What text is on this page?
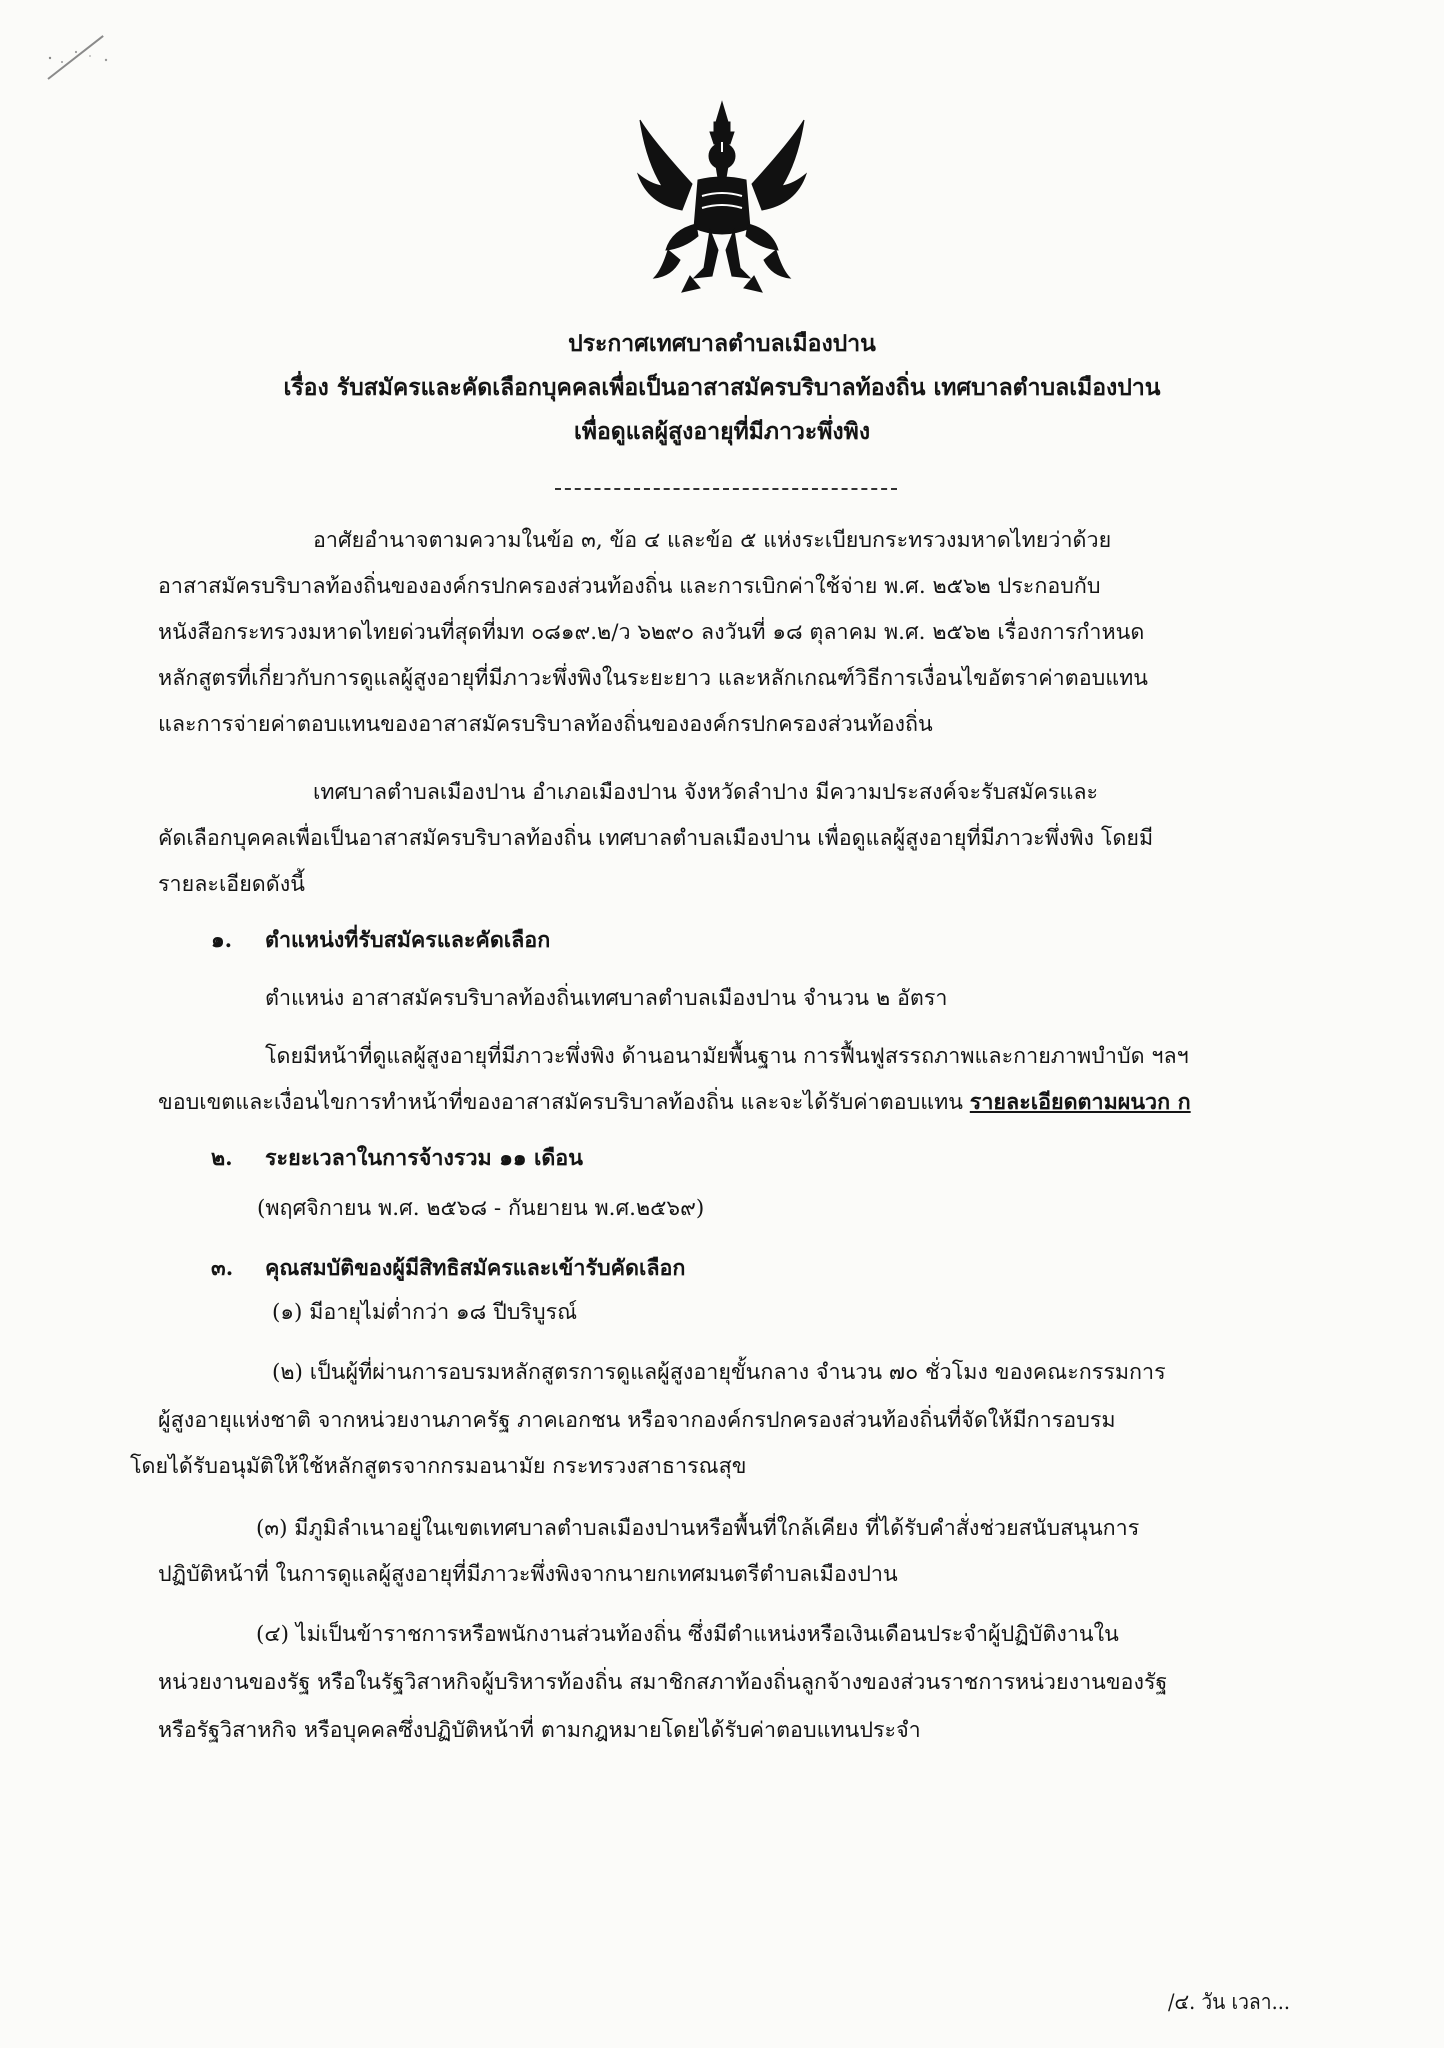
ประกาศเทศบาลตำบลเมืองปาน
เรื่อง รับสมัครและคัดเลือกบุคคลเพื่อเป็นอาสาสมัครบริบาลท้องถิ่น เทศบาลตำบลเมืองปาน
เพื่อดูแลผู้สูงอายุที่มีภาวะพึ่งพิง
อาศัยอำนาจตามความในข้อ ๓, ข้อ ๔ และข้อ ๕ แห่งระเบียบกระทรวงมหาดไทยว่าด้วย
อาสาสมัครบริบาลท้องถิ่นขององค์กรปกครองส่วนท้องถิ่น และการเบิกค่าใช้จ่าย พ.ศ. ๒๕๖๒ ประกอบกับ
หนังสือกระทรวงมหาดไทยด่วนที่สุดที่มท ๐๘๑๙.๒/ว ๖๒๙๐ ลงวันที่ ๑๘ ตุลาคม พ.ศ. ๒๕๖๒ เรื่องการกำหนด
หลักสูตรที่เกี่ยวกับการดูแลผู้สูงอายุที่มีภาวะพึ่งพิงในระยะยาว และหลักเกณฑ์วิธีการเงื่อนไขอัตราค่าตอบแทน
และการจ่ายค่าตอบแทนของอาสาสมัครบริบาลท้องถิ่นขององค์กรปกครองส่วนท้องถิ่น
เทศบาลตำบลเมืองปาน อำเภอเมืองปาน จังหวัดลำปาง มีความประสงค์จะรับสมัครและ
คัดเลือกบุคคลเพื่อเป็นอาสาสมัครบริบาลท้องถิ่น เทศบาลตำบลเมืองปาน เพื่อดูแลผู้สูงอายุที่มีภาวะพึ่งพิง โดยมี
รายละเอียดดังนี้
๑. ตำแหน่งที่รับสมัครและคัดเลือก
ตำแหน่ง อาสาสมัครบริบาลท้องถิ่นเทศบาลตำบลเมืองปาน จำนวน ๒ อัตรา
โดยมีหน้าที่ดูแลผู้สูงอายุที่มีภาวะพึ่งพิง ด้านอนามัยพื้นฐาน การฟื้นฟูสรรถภาพและกายภาพบำบัด ฯลฯ
ขอบเขตและเงื่อนไขการทำหน้าที่ของอาสาสมัครบริบาลท้องถิ่น และจะได้รับค่าตอบแทน รายละเอียดตามผนวก ก
๒. ระยะเวลาในการจ้างรวม ๑๑ เดือน
(พฤศจิกายน พ.ศ. ๒๕๖๘ - กันยายน พ.ศ.๒๕๖๙)
๓. คุณสมบัติของผู้มีสิทธิสมัครและเข้ารับคัดเลือก
(๑) มีอายุไม่ต่ำกว่า ๑๘ ปีบริบูรณ์
(๒) เป็นผู้ที่ผ่านการอบรมหลักสูตรการดูแลผู้สูงอายุขั้นกลาง จำนวน ๗๐ ชั่วโมง ของคณะกรรมการ
ผู้สูงอายุแห่งชาติ จากหน่วยงานภาครัฐ ภาคเอกชน หรือจากองค์กรปกครองส่วนท้องถิ่นที่จัดให้มีการอบรม
โดยได้รับอนุมัติให้ใช้หลักสูตรจากกรมอนามัย กระทรวงสาธารณสุข
(๓) มีภูมิลำเนาอยู่ในเขตเทศบาลตำบลเมืองปานหรือพื้นที่ใกล้เคียง ที่ได้รับคำสั่งช่วยสนับสนุนการ
ปฏิบัติหน้าที่ ในการดูแลผู้สูงอายุที่มีภาวะพึ่งพิงจากนายกเทศมนตรีตำบลเมืองปาน
(๔) ไม่เป็นข้าราชการหรือพนักงานส่วนท้องถิ่น ซึ่งมีตำแหน่งหรือเงินเดือนประจำผู้ปฏิบัติงานใน
หน่วยงานของรัฐ หรือในรัฐวิสาหกิจผู้บริหารท้องถิ่น สมาชิกสภาท้องถิ่นลูกจ้างของส่วนราชการหน่วยงานของรัฐ
หรือรัฐวิสาหกิจ หรือบุคคลซึ่งปฏิบัติหน้าที่ ตามกฎหมายโดยได้รับค่าตอบแทนประจำ
/๔. วัน เวลา...
